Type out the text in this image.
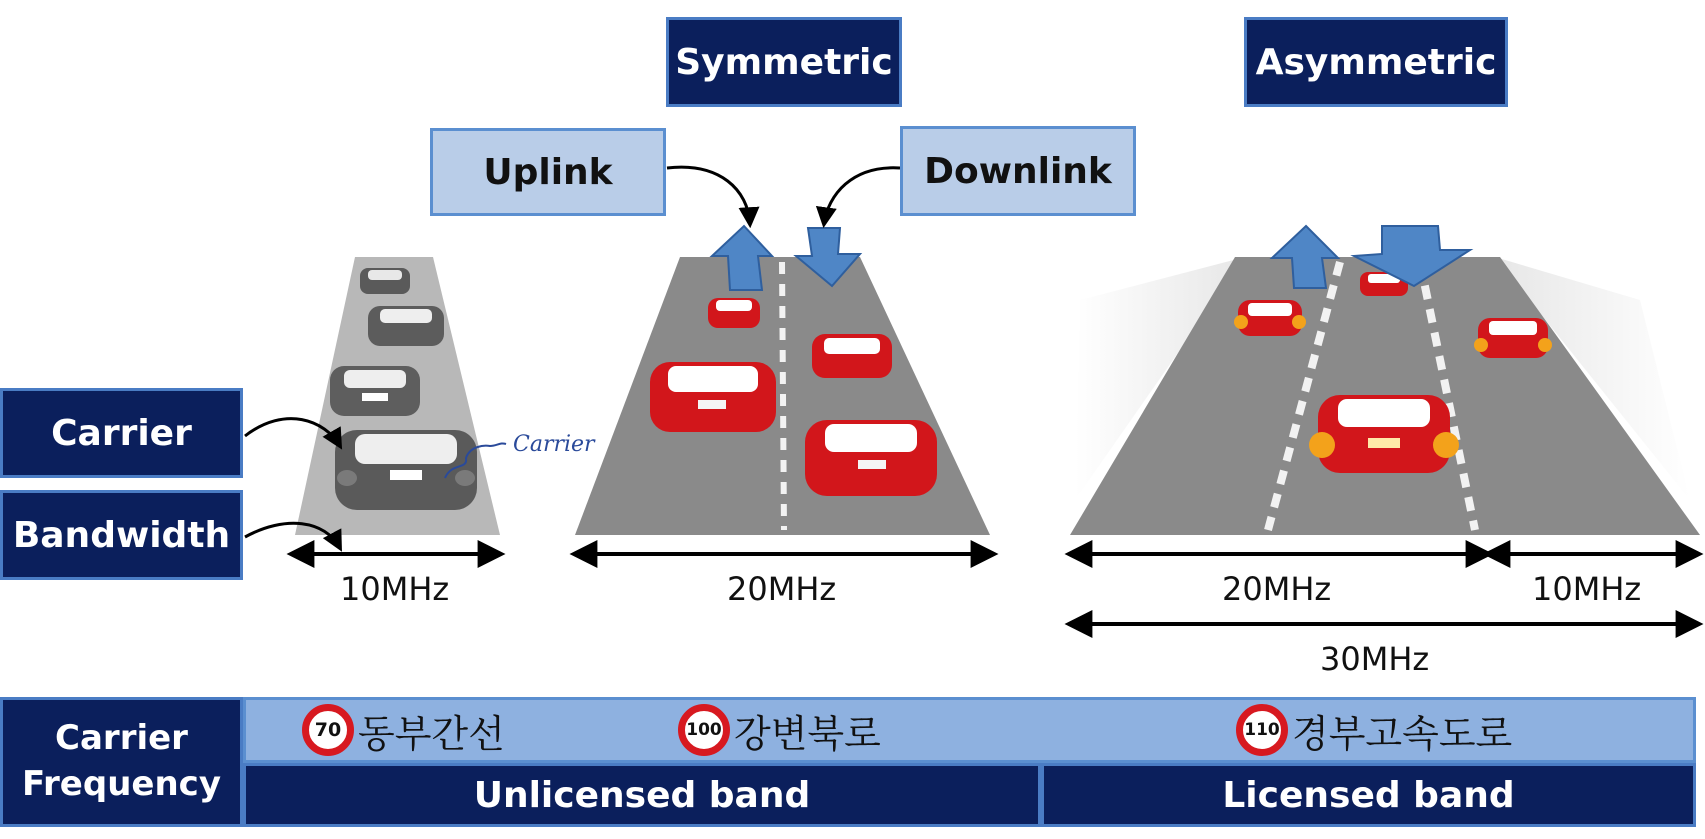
Symmetric	Asymmetric
Uplink	Downlink
Carrier
Bandwidth
Carrier
10MHz	20MHz	20MHz	10MHz
30MHz
Carrier Frequency
70 동부간선	100 강변북로	110 경부고속도로
Unlicensed band	Licensed band
